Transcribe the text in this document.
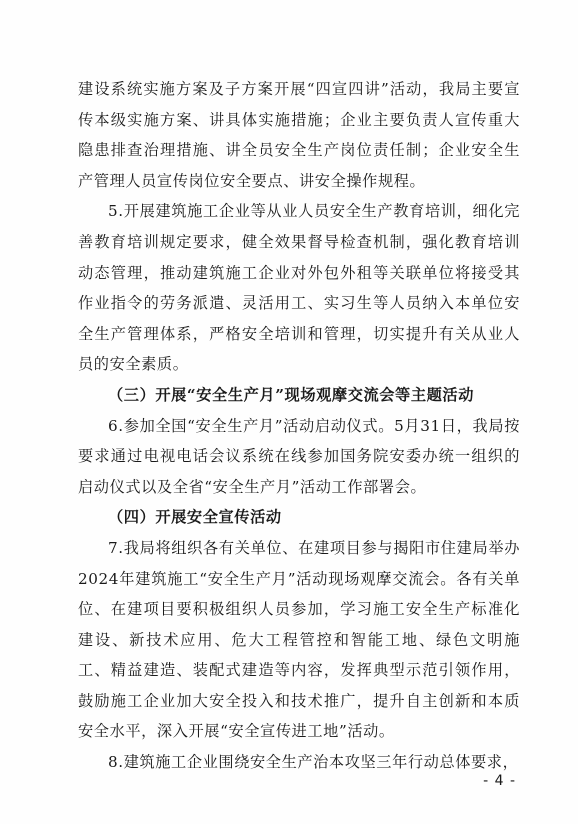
建设系统实施方案及子方案开展“四宣四讲”活动，我局主要宣传本级实施方案、讲具体实施措施；企业主要负责人宣传重大隐患排查治理措施、讲全员安全生产岗位责任制；企业安全生产管理人员宣传岗位安全要点、讲安全操作规程。

5.开展建筑施工企业等从业人员安全生产教育培训，细化完善教育培训规定要求，健全效果督导检查机制，强化教育培训动态管理，推动建筑施工企业对外包外租等关联单位将接受其作业指令的劳务派遣、灵活用工、实习生等人员纳入本单位安全生产管理体系，严格安全培训和管理，切实提升有关从业人员的安全素质。

（三）开展“安全生产月”现场观摩交流会等主题活动

6.参加全国“安全生产月”活动启动仪式。5月31日，我局按要求通过电视电话会议系统在线参加国务院安委办统一组织的启动仪式以及全省“安全生产月”活动工作部署会。

（四）开展安全宣传活动

7.我局将组织各有关单位、在建项目参与揭阳市住建局举办2024年建筑施工“安全生产月”活动现场观摩交流会。各有关单位、在建项目要积极组织人员参加，学习施工安全生产标准化建设、新技术应用、危大工程管控和智能工地、绿色文明施工、精益建造、装配式建造等内容，发挥典型示范引领作用，鼓励施工企业加大安全投入和技术推广，提升自主创新和本质安全水平，深入开展“安全宣传进工地”活动。

8.建筑施工企业围绕安全生产治本攻坚三年行动总体要求，

- 4 -
